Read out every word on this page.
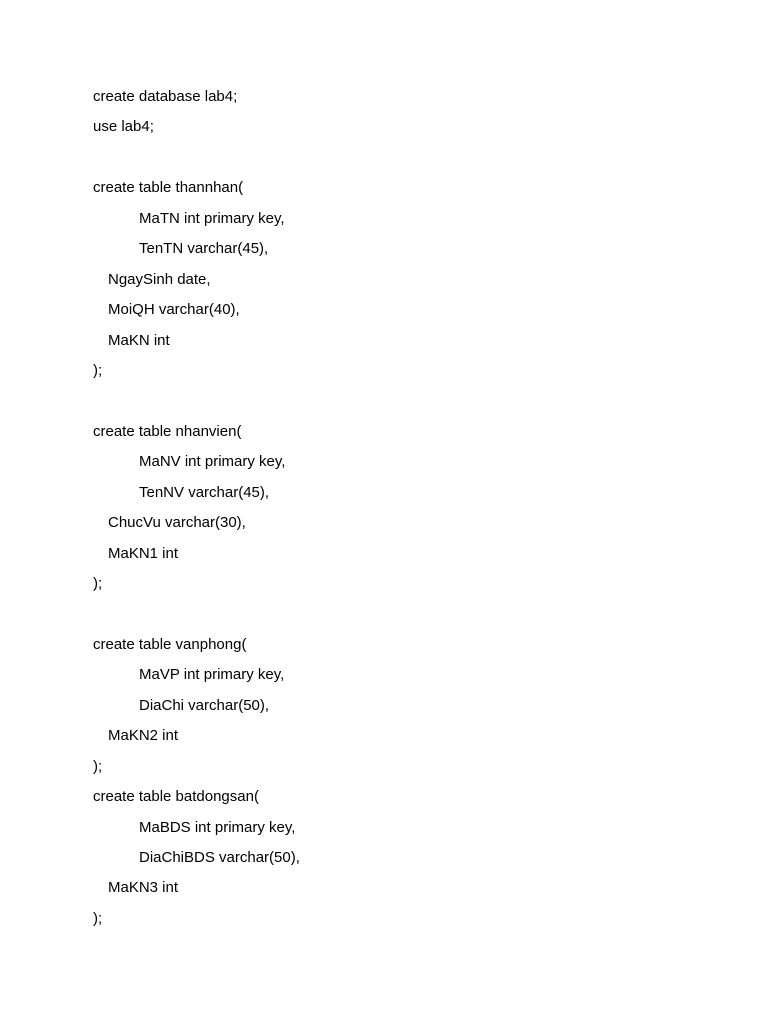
create database lab4;
use lab4;
create table thannhan(
MaTN int primary key,
TenTN varchar(45),
NgaySinh date,
MoiQH varchar(40),
MaKN int
);
create table nhanvien(
MaNV int primary key,
TenNV varchar(45),
ChucVu varchar(30),
MaKN1 int
);
create table vanphong(
MaVP int primary key,
DiaChi varchar(50),
MaKN2 int
);
create table batdongsan(
MaBDS int primary key,
DiaChiBDS varchar(50),
MaKN3 int
);
